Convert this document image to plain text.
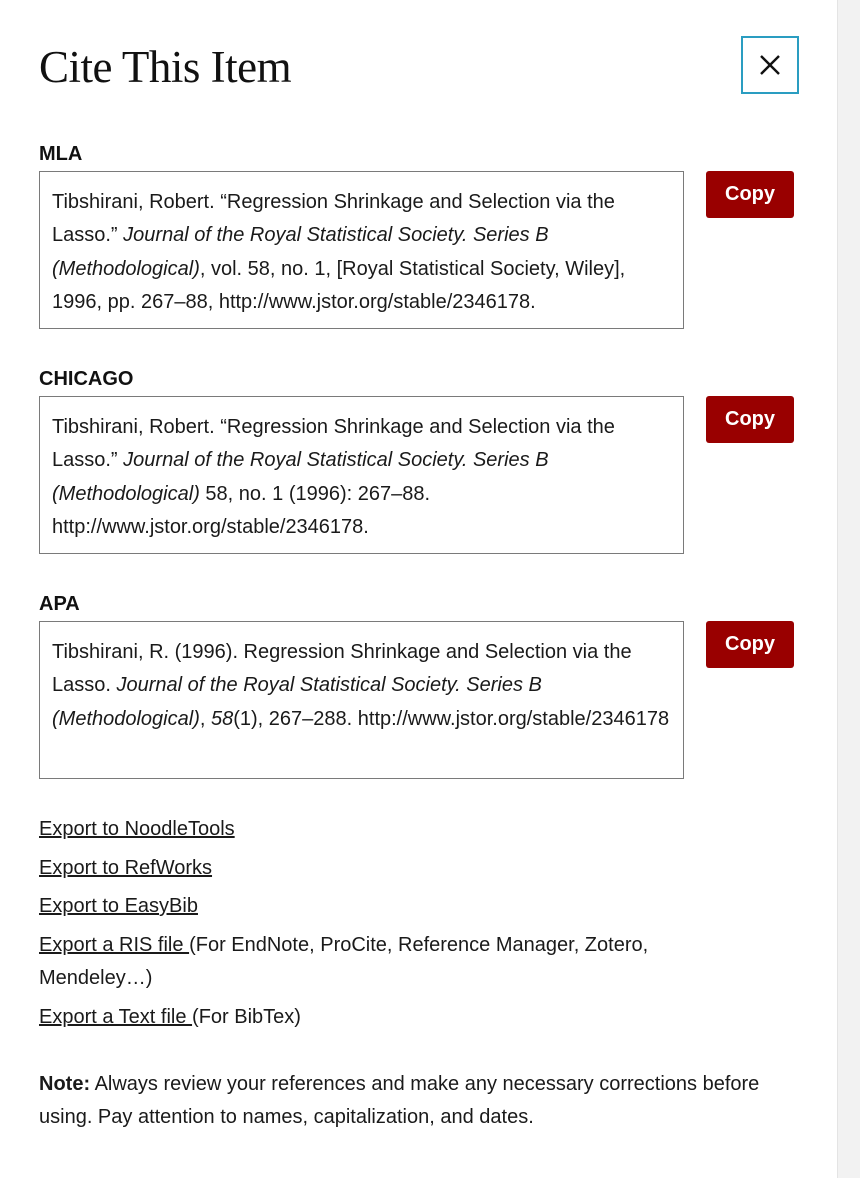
Cite This Item

MLA

Tibshirani, Robert. “Regression Shrinkage and Selection via the Lasso.” Journal of the Royal Statistical Society. Series B (Methodological), vol. 58, no. 1, [Royal Statistical Society, Wiley], 1996, pp. 267–88, http://www.jstor.org/stable/2346178.
Copy

CHICAGO

Tibshirani, Robert. “Regression Shrinkage and Selection via the Lasso.” Journal of the Royal Statistical Society. Series B (Methodological) 58, no. 1 (1996): 267–88. http://www.jstor.org/stable/2346178.
Copy

APA

Tibshirani, R. (1996). Regression Shrinkage and Selection via the Lasso. Journal of the Royal Statistical Society. Series B (Methodological), 58(1), 267–288. http://www.jstor.org/stable/2346178
Copy
Export to NoodleTools
Export to RefWorks
Export to EasyBib
Export a RIS file (For EndNote, ProCite, Reference Manager, Zotero, Mendeley…)
Export a Text file (For BibTex)
Note: Always review your references and make any necessary corrections before using. Pay attention to names, capitalization, and dates.
